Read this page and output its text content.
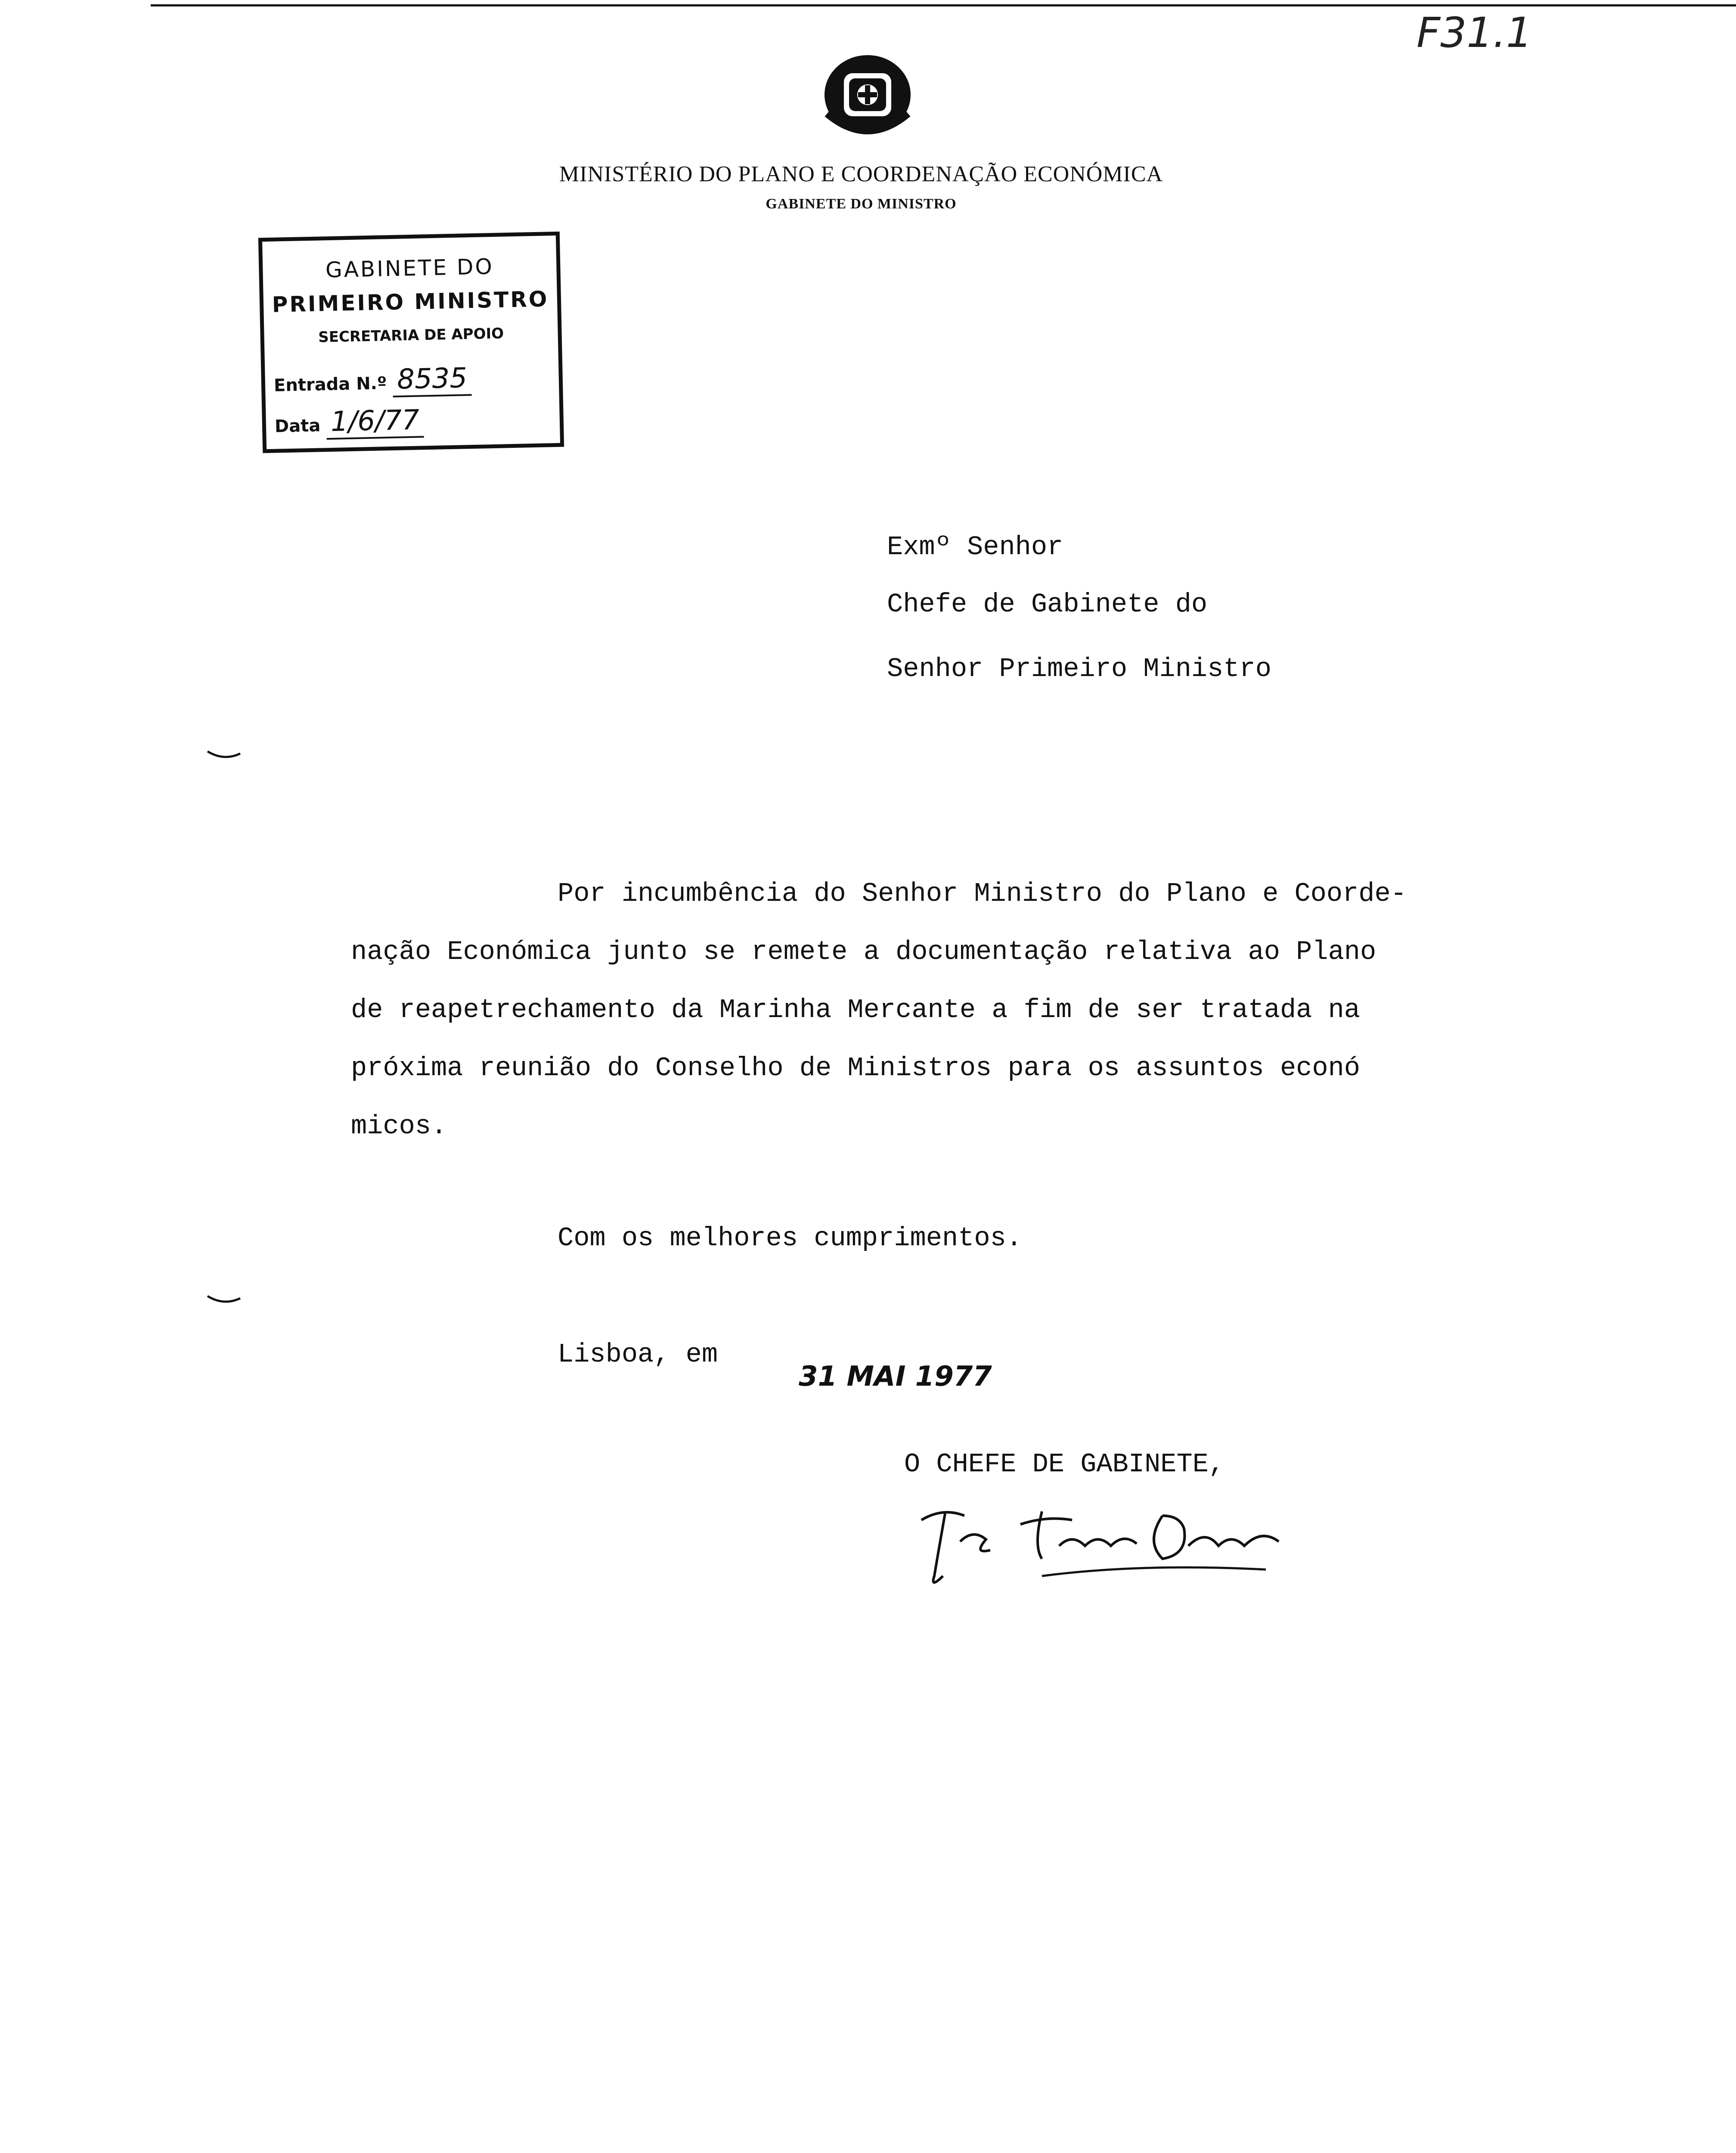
F31.1
MINISTÉRIO DO PLANO E COORDENAÇÃO ECONÓMICA
GABINETE DO MINISTRO
GABINETE DO
PRIMEIRO MINISTRO
SECRETARIA DE APOIO
Entrada N.º 8535
Data 1/6/77
Exmº Senhor
Chefe de Gabinete do
Senhor Primeiro Ministro
Por incumbência do Senhor Ministro do Plano e Coorde-
nação Económica junto se remete a documentação relativa ao Plano
de reapetrechamento da Marinha Mercante a fim de ser tratada na
próxima reunião do Conselho de Ministros para os assuntos econó
micos.
Com os melhores cumprimentos.
Lisboa, em
31 MAI 1977
O CHEFE DE GABINETE,
